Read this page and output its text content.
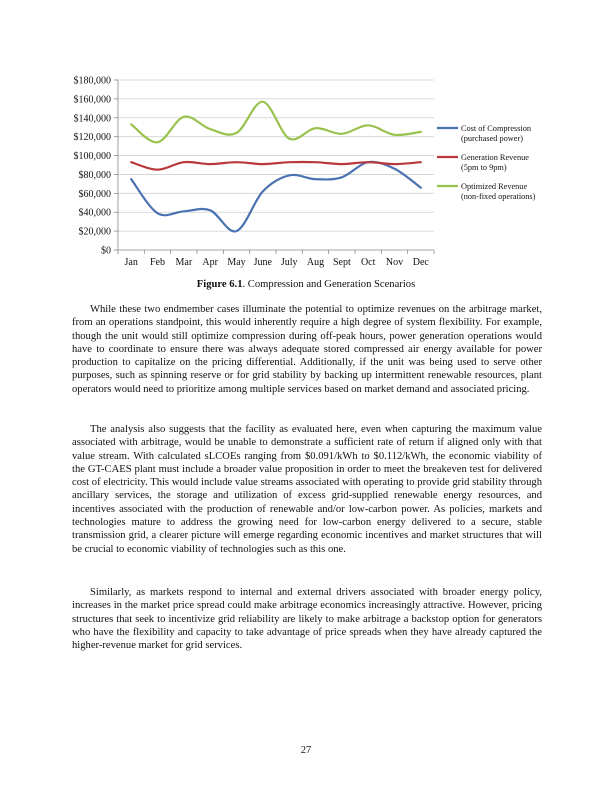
$0
$20,000
$40,000
$60,000
$80,000
$100,000
$120,000
$140,000
$160,000
$180,000
Jan Feb Mar Apr May June July Aug Sept Oct Nov Dec
Cost of Compression
(purchased power)
Generation Revenue
(5pm to 9pm)
Optimized Revenue
(non-fixed operations)

Figure 6.1. Compression and Generation Scenarios

While these two endmember cases illuminate the potential to optimize revenues on the arbitrage market, from an operations standpoint, this would inherently require a high degree of system flexibility. For example, though the unit would still optimize compression during off-peak hours, power generation operations would have to coordinate to ensure there was always adequate stored compressed air energy available for power production to capitalize on the pricing differential. Additionally, if the unit was being used to serve other purposes, such as spinning reserve or for grid stability by backing up intermittent renewable resources, plant operators would need to prioritize among multiple services based on market demand and associated pricing.

The analysis also suggests that the facility as evaluated here, even when capturing the maximum value associated with arbitrage, would be unable to demonstrate a sufficient rate of return if aligned only with that value stream. With calculated sLCOEs ranging from $0.091/kWh to $0.112/kWh, the economic viability of the GT-CAES plant must include a broader value proposition in order to meet the breakeven test for delivered cost of electricity. This would include value streams associated with operating to provide grid stability through ancillary services, the storage and utilization of excess grid-supplied renewable energy resources, and incentives associated with the production of renewable and/or low-carbon power. As policies, markets and technologies mature to address the growing need for low-carbon energy delivered to a secure, stable transmission grid, a clearer picture will emerge regarding economic incentives and market structures that will be crucial to economic viability of technologies such as this one.

Similarly, as markets respond to internal and external drivers associated with broader energy policy, increases in the market price spread could make arbitrage economics increasingly attractive. However, pricing structures that seek to incentivize grid reliability are likely to make arbitrage a backstop option for generators who have the flexibility and capacity to take advantage of price spreads when they have already captured the higher-revenue market for grid services.

27
